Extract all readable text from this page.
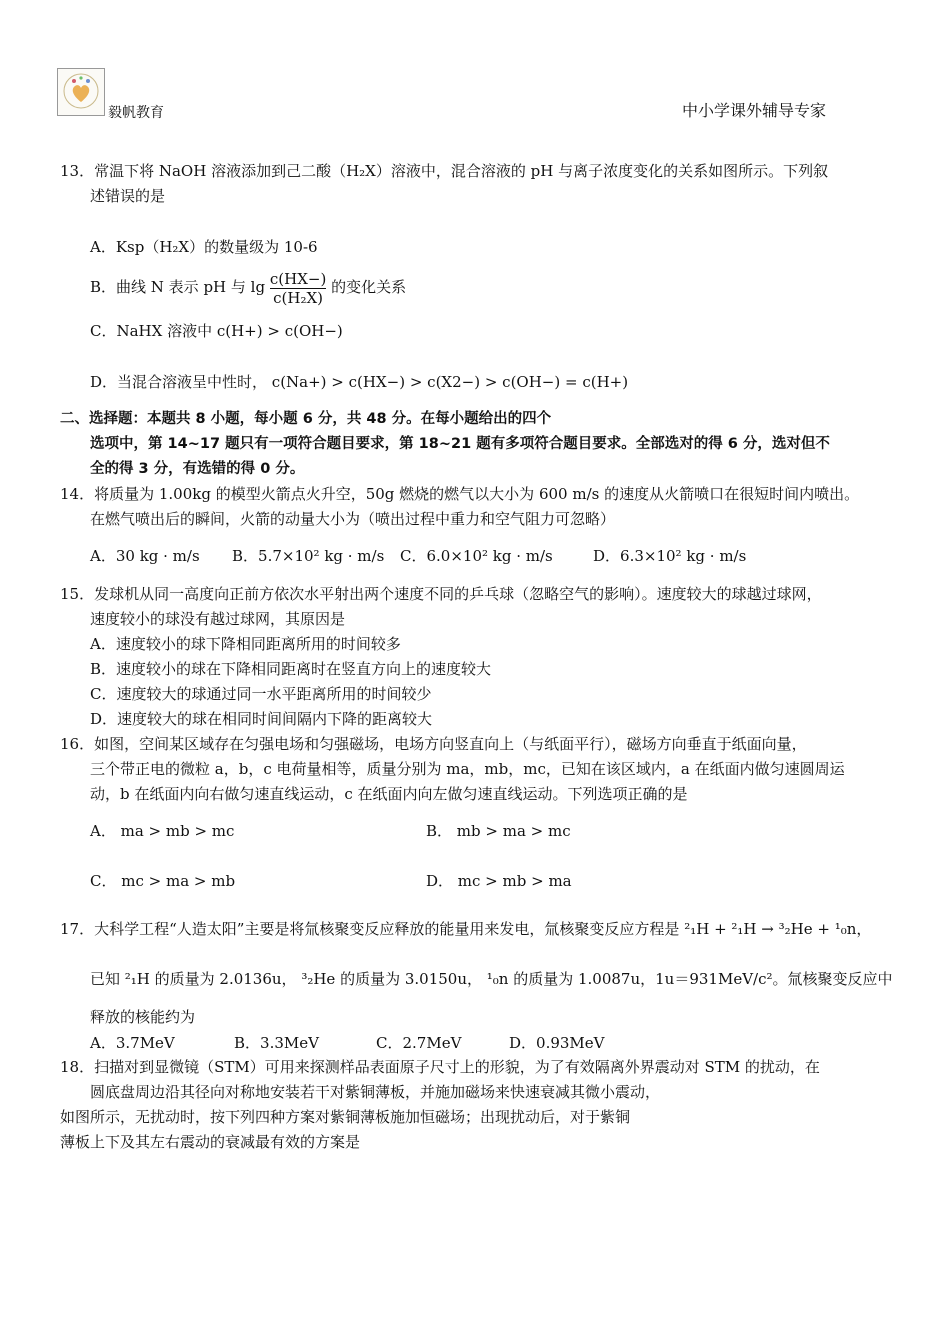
毅帆教育	中小学课外辅导专家
13．常温下将 NaOH 溶液添加到己二酸（H₂X）溶液中，混合溶液的 pH 与离子浓度变化的关系如图所示。下列叙
述错误的是
A．Ksp（H₂X）的数量级为 10-6
B．曲线 N 表示 pH 与 $\lg \frac{c(HX-)}{\text{c(H₂X)}}$ 的变化关系
C．NaHX 溶液中 c(H+) > c(OH−)
D．当混合溶液呈中性时， c(Na+) > c(HX−) > c(X2−) > c(OH−) = c(H+)
二、选择题：本题共 8 小题，每小题 6 分，共 48 分。在每小题给出的四个
选项中，第 14~17 题只有一项符合题目要求，第 18~21 题有多项符合题目要求。全部选对的得 6 分，选对但不
全的得 3 分，有选错的得 0 分。
14．将质量为 1.00kg 的模型火箭点火升空，50g 燃烧的燃气以大小为 600 m/s 的速度从火箭喷口在很短时间内喷出。
在燃气喷出后的瞬间，火箭的动量大小为（喷出过程中重力和空气阻力可忽略）
A．30 kg · m/s B．5.7×10² kg · m/s C．6.0×10² kg · m/s	D．6.3×10² kg · m/s
15．发球机从同一高度向正前方依次水平射出两个速度不同的乒乓球（忽略空气的影响）。速度较大的球越过球网，
速度较小的球没有越过球网，其原因是
A．速度较小的球下降相同距离所用的时间较多
B．速度较小的球在下降相同距离时在竖直方向上的速度较大
C．速度较大的球通过同一水平距离所用的时间较少
D．速度较大的球在相同时间间隔内下降的距离较大
16．如图，空间某区域存在匀强电场和匀强磁场，电场方向竖直向上（与纸面平行），磁场方向垂直于纸面向量，
三个带正电的微粒 a，b，c 电荷量相等，质量分别为 ma，mb，mc，已知在该区域内，a 在纸面内做匀速圆周运
动，b 在纸面内向右做匀速直线运动，c 在纸面内向左做匀速直线运动。下列选项正确的是
A． ma > mb > mc	B． mb > ma > mc
C． mc > ma > mb	D． mc > mb > ma
17．大科学工程“人造太阳”主要是将氚核聚变反应释放的能量用来发电，氚核聚变反应方程是 ²₁H + ²₁H → ³₂He + ¹₀n，
已知 ²₁H 的质量为 2.0136u， ³₂He 的质量为 3.0150u， ¹₀n 的质量为 1.0087u，1u＝931MeV/c²。氚核聚变反应中
释放的核能约为
A．3.7MeV	B．3.3MeV	C．2.7MeV	D．0.93MeV
18．扫描对到显微镜（STM）可用来探测样品表面原子尺寸上的形貌，为了有效隔离外界震动对 STM 的扰动，在
圆底盘周边沿其径向对称地安装若干对紫铜薄板，并施加磁场来快速衰减其微小震动，
如图所示，无扰动时，按下列四种方案对紫铜薄板施加恒磁场；出现扰动后，对于紫铜
薄板上下及其左右震动的衰减最有效的方案是
